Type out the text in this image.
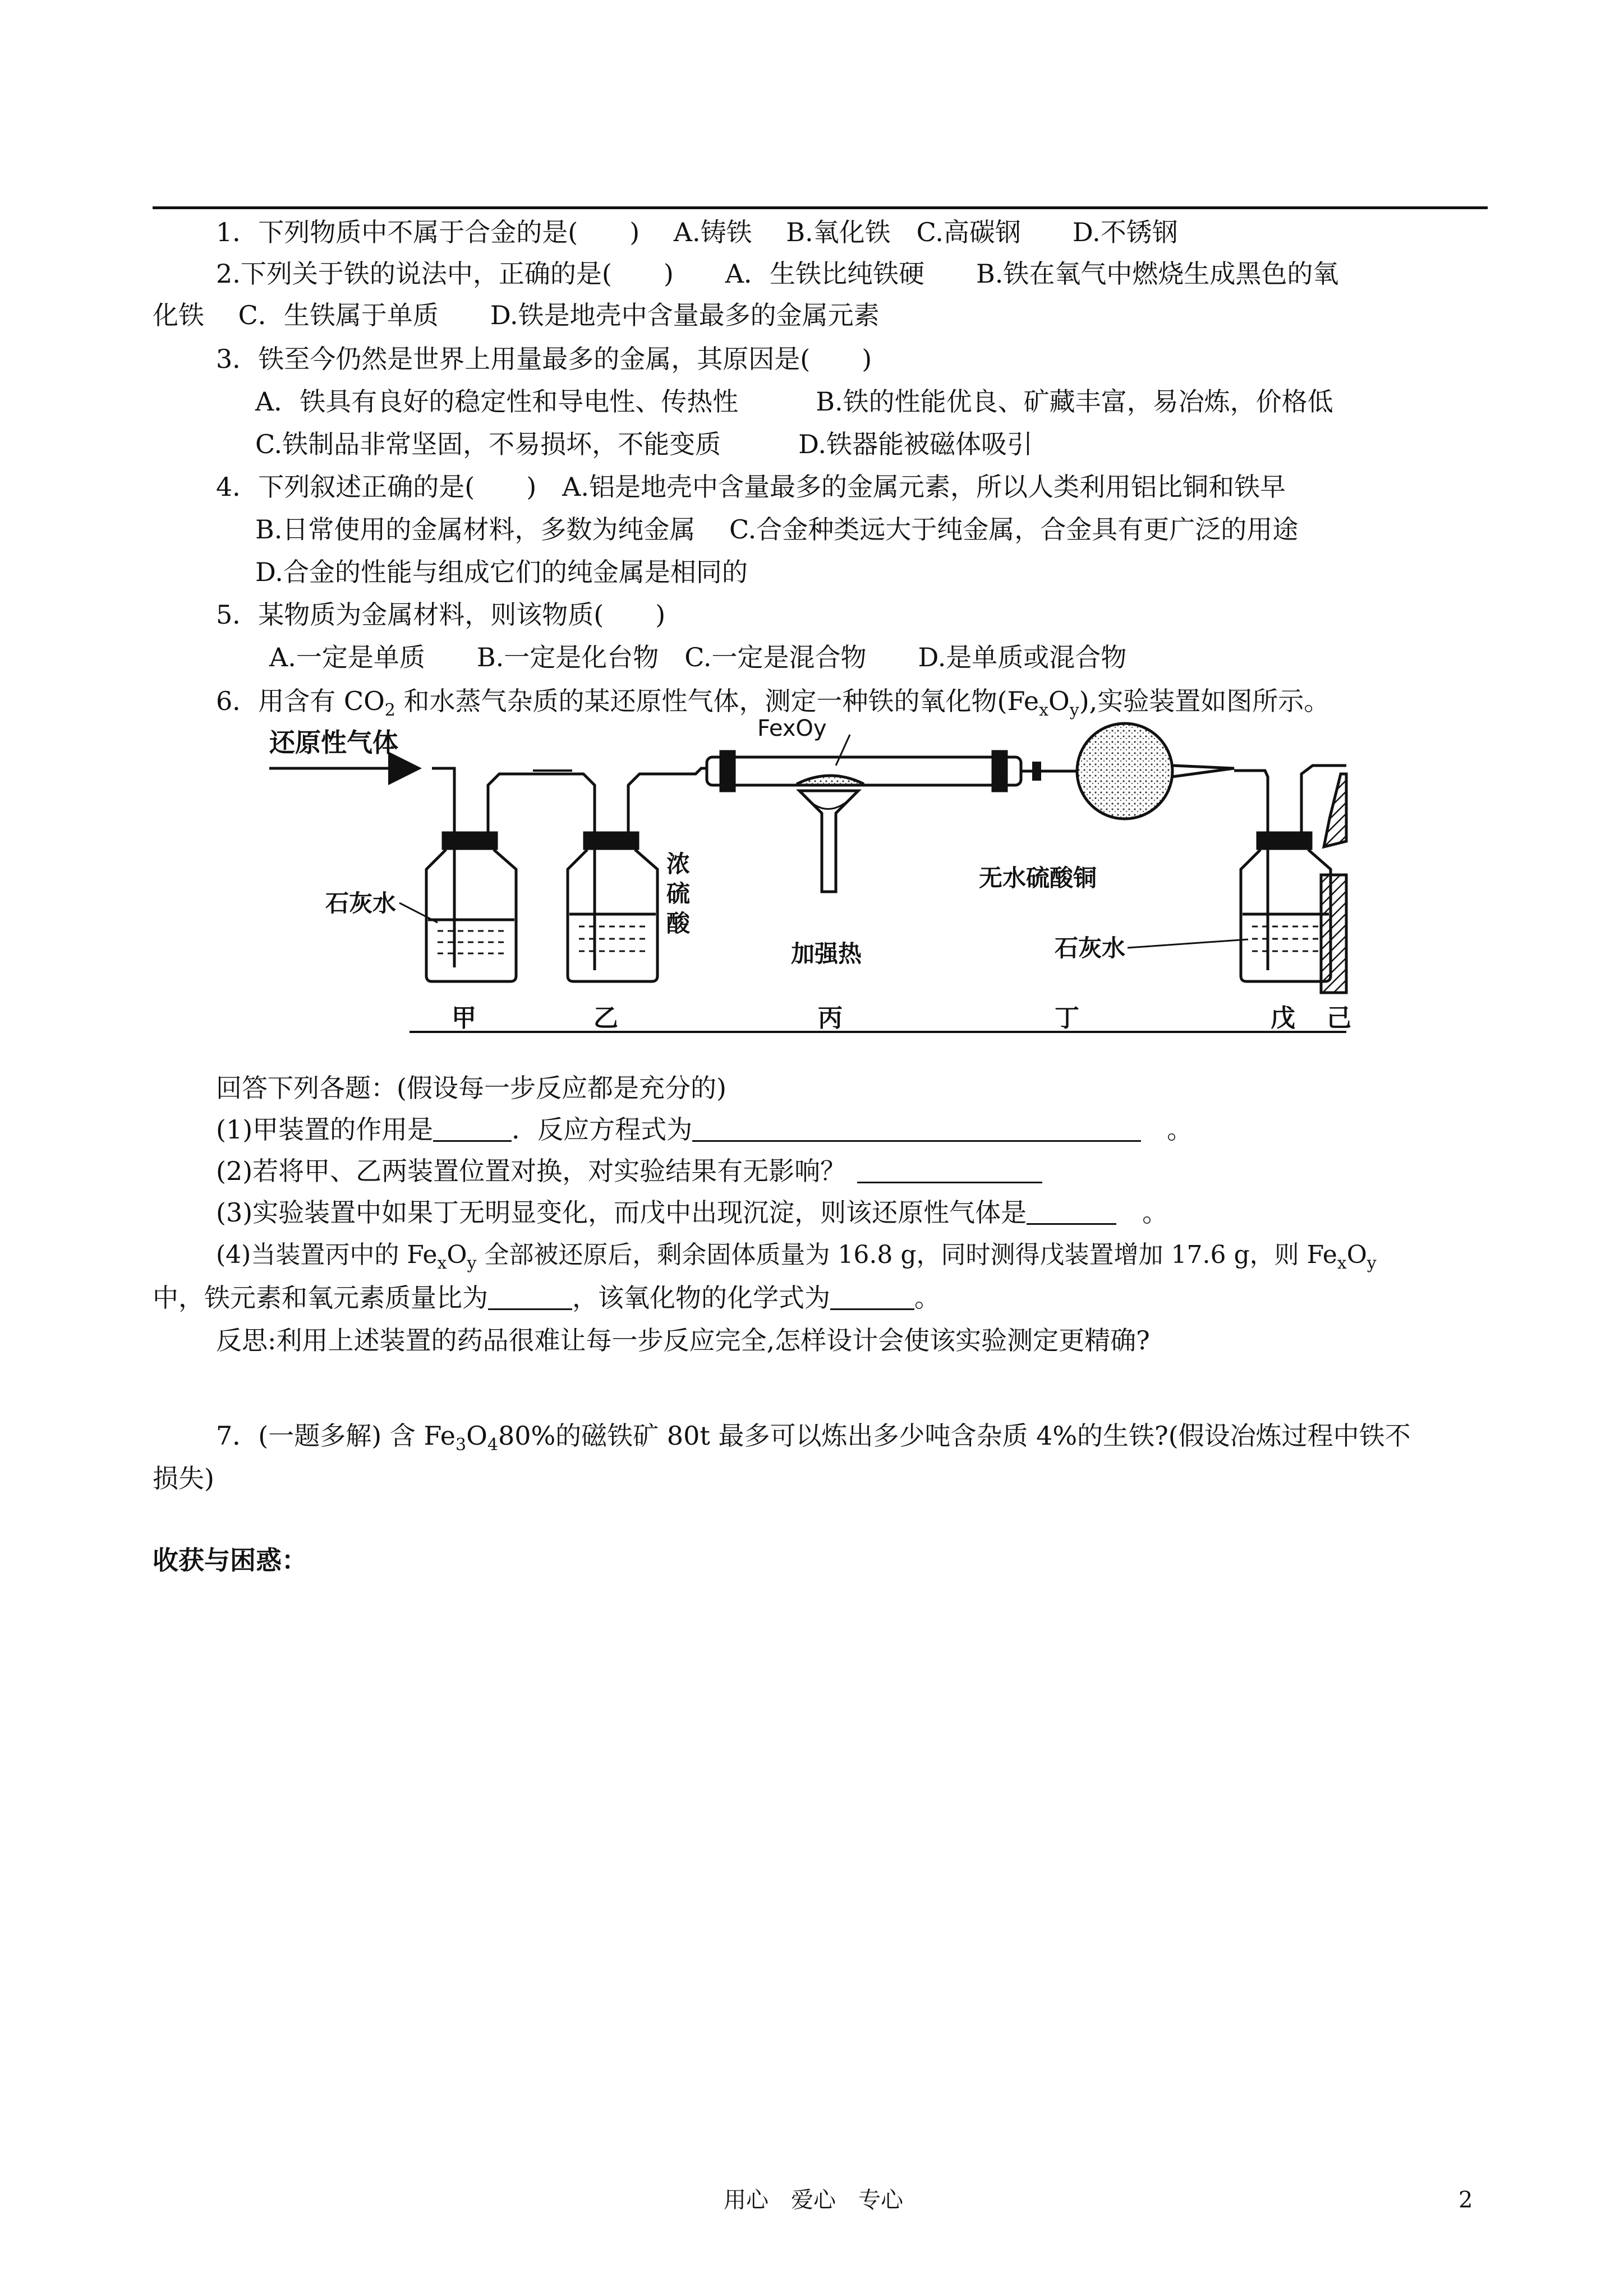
1．下列物质中不属于合金的是(　　)　 A.铸铁　 B.氧化铁　C.高碳钢　　D.不锈钢
2.下列关于铁的说法中，正确的是(　　)　　A．生铁比纯铁硬　　B.铁在氧气中燃烧生成黑色的氧
化铁　 C．生铁属于单质　　D.铁是地壳中含量最多的金属元素
3．铁至今仍然是世界上用量最多的金属，其原因是(　　)
A．铁具有良好的稳定性和导电性、传热性　　　B.铁的性能优良、矿藏丰富，易冶炼，价格低
C.铁制品非常坚固，不易损坏，不能变质　　　D.铁器能被磁体吸引
4．下列叙述正确的是(　　)　A.铝是地壳中含量最多的金属元素，所以人类利用铝比铜和铁早
B.日常使用的金属材料，多数为纯金属　 C.合金种类远大于纯金属，合金具有更广泛的用途
D.合金的性能与组成它们的纯金属是相同的
5．某物质为金属材料，则该物质(　　)
A.一定是单质　　B.一定是化台物　C.一定是混合物　　D.是单质或混合物
6．用含有 $CO_2$ 和水蒸气杂质的某还原性气体，测定一种铁的氧化物$(Fe_xO_y)$,实验装置如图所示。
还原性气体	FexOy
石灰水
浓
硫
酸
加强热
无水硫酸铜
石灰水
甲	乙	丙	丁	戊 己
回答下列各题：(假设每一步反应都是充分的)
(1)甲装置的作用是	．反应方程式为	　。
(2)若将甲、乙两装置位置对换，对实验结果有无影响？
(3)实验装置中如果丁无明显变化，而戊中出现沉淀，则该还原性气体是	　。
(4)当装置丙中的 $Fe_xO_y$ 全部被还原后，剩余固体质量为 16.8 g，同时测得戊装置增加 17.6 g，则 $Fe_xO_y$
中，铁元素和氧元素质量比为	，该氧化物的化学式为	。
反思:利用上述装置的药品很难让每一步反应完全,怎样设计会使该实验测定更精确?
7．(一题多解) 含 $Fe_3O_480\%$的磁铁矿 80t 最多可以炼出多少吨含杂质 4%的生铁?(假设冶炼过程中铁不
损失)
收获与困惑：
用心　爱心　专心	2
